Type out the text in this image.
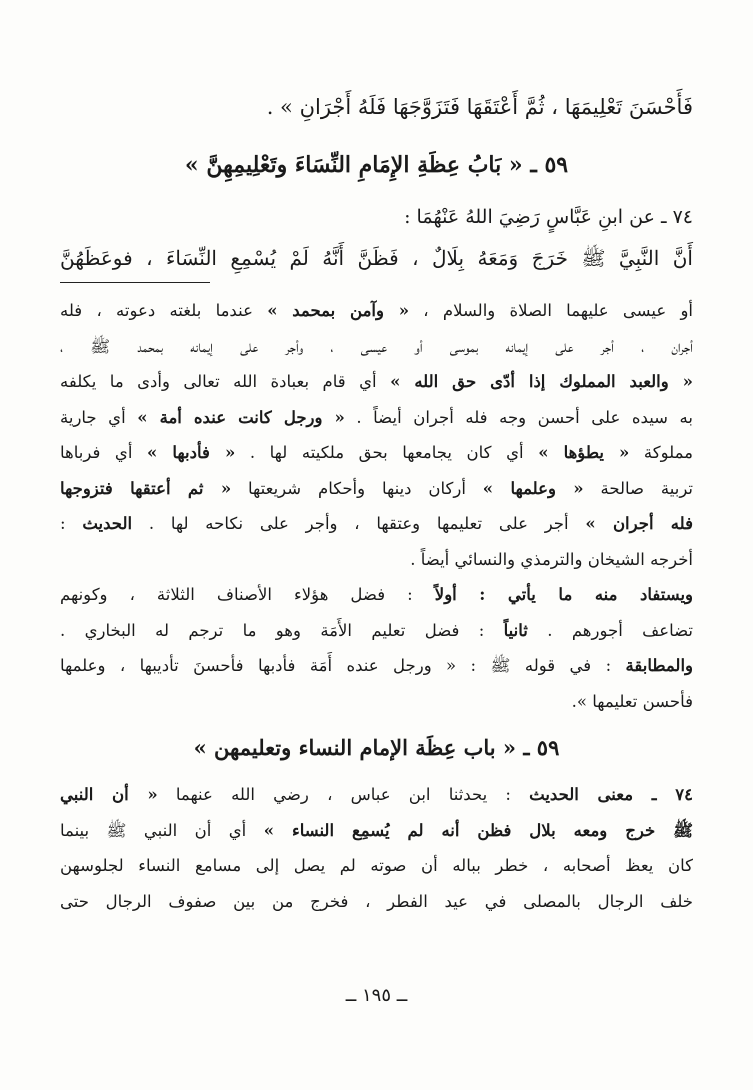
فَأَحْسَنَ تَعْلِيمَهَا ، ثُمَّ أَعْتَقَهَا فَتَزَوَّجَهَا فَلَهُ أَجْرَانِ » .
٥٩ ـ « بَابُ عِظَةِ الإِمَامِ النِّسَاءَ وتَعْلِيمِهِنَّ »
٧٤ ـ عن ابنِ عَبَّاسٍ رَضِيَ اللهُ عَنْهُمَا :
أَنَّ النَّبِيَّ ﷺ خَرَجَ وَمَعَهُ بِلَالٌ ، فَظَنَّ أَنَّهُ لَمْ يُسْمِعِ النِّسَاءَ ، فوعَظَهُنَّ
أو عيسى عليهما الصلاة والسلام ، « وآمن بمحمد » عندما بلغته دعوته ، فله
أجران ، أجر على إيمانه بموسى أو عيسى ، وأجر على إيمانه بمحمد ﷺ ،
« والعبد المملوك إذا أدّى حق الله » أي قام بعبادة الله تعالى وأدى ما يكلفه
به سيده على أحسن وجه فله أجران أيضاً . « ورجل كانت عنده أمة » أي جارية
مملوكة « يطؤها » أي كان يجامعها بحق ملكيته لها . « فأدبها » أي فرباها
تربية صالحة « وعلمها » أركان دينها وأحكام شريعتها « ثم أعتقها فتزوجها
فله أجران » أجر على تعليمها وعتقها ، وأجر على نكاحه لها . الحديث :
أخرجه الشيخان والترمذي والنسائي أيضاً .
ويستفاد منه ما يأتي : أولاً : فضل هؤلاء الأصناف الثلاثة ، وكونهم
تضاعف أجورهم . ثانياً : فضل تعليم الأَمَة وهو ما ترجم له البخاري .
والمطابقة : في قوله ﷺ : « ورجل عنده أَمَة فأدبها فأحسنَ تأديبها ، وعلمها
فأحسن تعليمها ».
٥٩ ـ « باب عِظَة الإمام النساء وتعليمهن »
٧٤ ـ معنى الحديث : يحدثنا ابن عباس ، رضي الله عنهما « أن النبي
ﷺ خرج ومعه بلال فظن أنه لم يُسمِع النساء » أي أن النبي ﷺ بينما
كان يعظ أصحابه ، خطر بباله أن صوته لم يصل إلى مسامع النساء لجلوسهن
خلف الرجال بالمصلى في عيد الفطر ، فخرج من بين صفوف الرجال حتى
ــ ١٩٥ ــ
